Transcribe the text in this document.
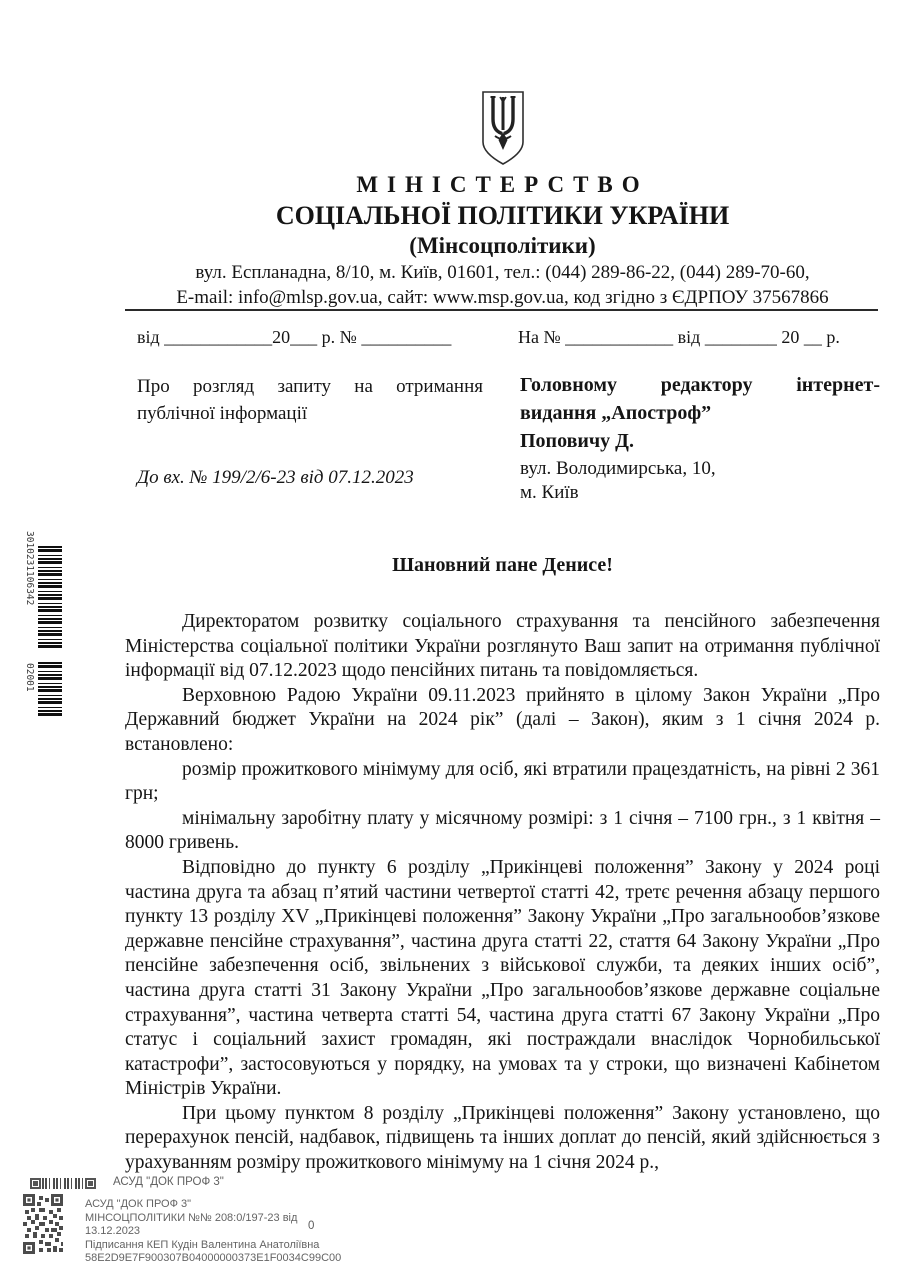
МІНІСТЕРСТВО
СОЦІАЛЬНОЇ ПОЛІТИКИ УКРАЇНИ
(Мінсоцполітики)
вул. Еспланадна, 8/10, м. Київ, 01601, тел.: (044) 289-86-22, (044) 289-70-60,
E-mail: info@mlsp.gov.ua, сайт: www.msp.gov.ua, код згідно з ЄДРПОУ 37567866
від ____________20___ р. № __________	На № ____________ від ________ 20 __ р.

Про розгляд запиту на отримання публічної інформації

До вх. № 199/2/6-23 від 07.12.2023

Головному редактору інтернет-
видання „Апостроф”
Поповичу Д.
вул. Володимирська, 10,
м. Київ
3010231106342
02001
Шановний пане Денисе!

Директоратом розвитку соціального страхування та пенсійного забезпечення Міністерства соціальної політики України розглянуто Ваш запит на отримання публічної інформації від 07.12.2023 щодо пенсійних питань та повідомляється.

Верховною Радою України 09.11.2023 прийнято в цілому Закон України „Про Державний бюджет України на 2024 рік” (далі – Закон), яким з 1 січня 2024 р. встановлено:

розмір прожиткового мінімуму для осіб, які втратили працездатність, на рівні 2 361 грн;

мінімальну заробітну плату у місячному розмірі: з 1 січня – 7100 грн., з 1 квітня – 8000 гривень.

Відповідно до пункту 6 розділу „Прикінцеві положення” Закону у 2024 році частина друга та абзац п’ятий частини четвертої статті 42, третє речення абзацу першого пункту 13 розділу XV „Прикінцеві положення” Закону України „Про загальнообов’язкове державне пенсійне страхування”, частина друга статті 22, стаття 64 Закону України „Про пенсійне забезпечення осіб, звільнених з військової служби, та деяких інших осіб”, частина друга статті 31 Закону України „Про загальнообов’язкове державне соціальне страхування”, частина четверта статті 54, частина друга статті 67 Закону України „Про статус і соціальний захист громадян, які постраждали внаслідок Чорнобильської катастрофи”, застосовуються у порядку, на умовах та у строки, що визначені Кабінетом Міністрів України.

При цьому пунктом 8 розділу „Прикінцеві положення” Закону установлено, що перерахунок пенсій, надбавок, підвищень та інших доплат до пенсій, який здійснюється з урахуванням розміру прожиткового мінімуму на 1 січня 2024 р.,

АСУД "ДОК ПРОФ 3"
АСУД "ДОК ПРОФ 3"
МІНСОЦПОЛІТИКИ №№ 208:0/197-23 від
13.12.2023
Підписання КЕП Кудін Валентина Анатоліївна
58E2D9E7F900307B04000000373E1F0034C99C00
0
